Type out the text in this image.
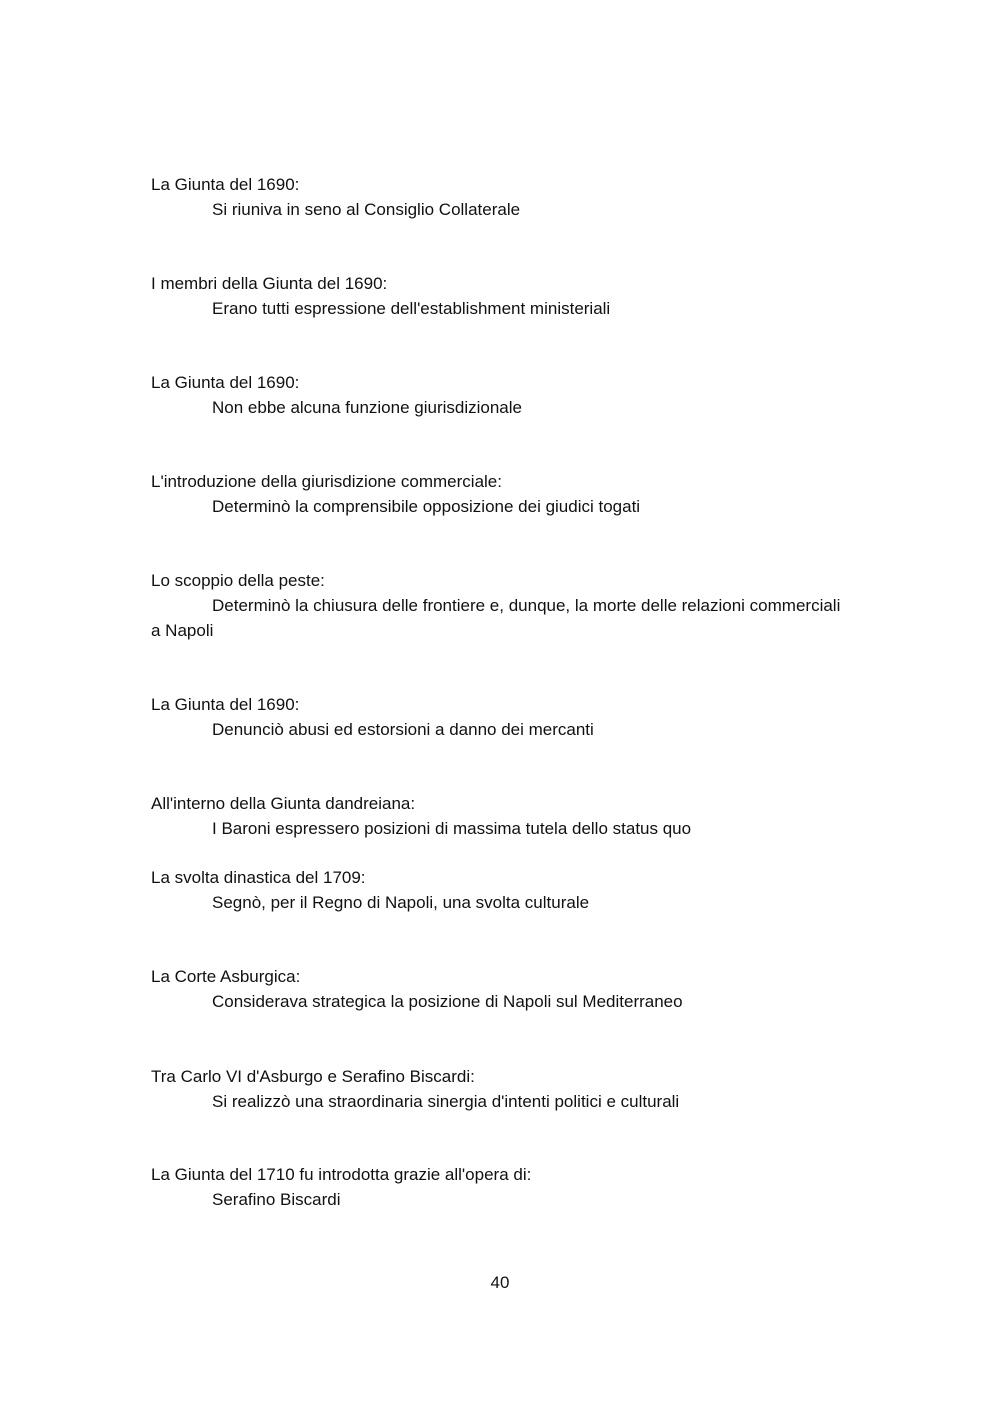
La Giunta del 1690:
Si riuniva in seno al Consiglio Collaterale
I membri della Giunta del 1690:
Erano tutti espressione dell'establishment ministeriali
La Giunta del 1690:
Non ebbe alcuna funzione giurisdizionale
L'introduzione della giurisdizione commerciale:
Determinò la comprensibile opposizione dei giudici togati
Lo scoppio della peste:
Determinò la chiusura delle frontiere e, dunque, la morte delle relazioni commerciali a Napoli
La Giunta del 1690:
Denunciò abusi ed estorsioni a danno dei mercanti
All'interno della Giunta dandreiana:
I Baroni espressero posizioni di massima tutela dello status quo
La svolta dinastica del 1709:
Segnò, per il Regno di Napoli, una svolta culturale
La Corte Asburgica:
Considerava strategica la posizione di Napoli sul Mediterraneo
Tra Carlo VI d'Asburgo e Serafino Biscardi:
Si realizzò una straordinaria sinergia d'intenti politici e culturali
La Giunta del 1710 fu introdotta grazie all'opera di:
Serafino Biscardi
40
